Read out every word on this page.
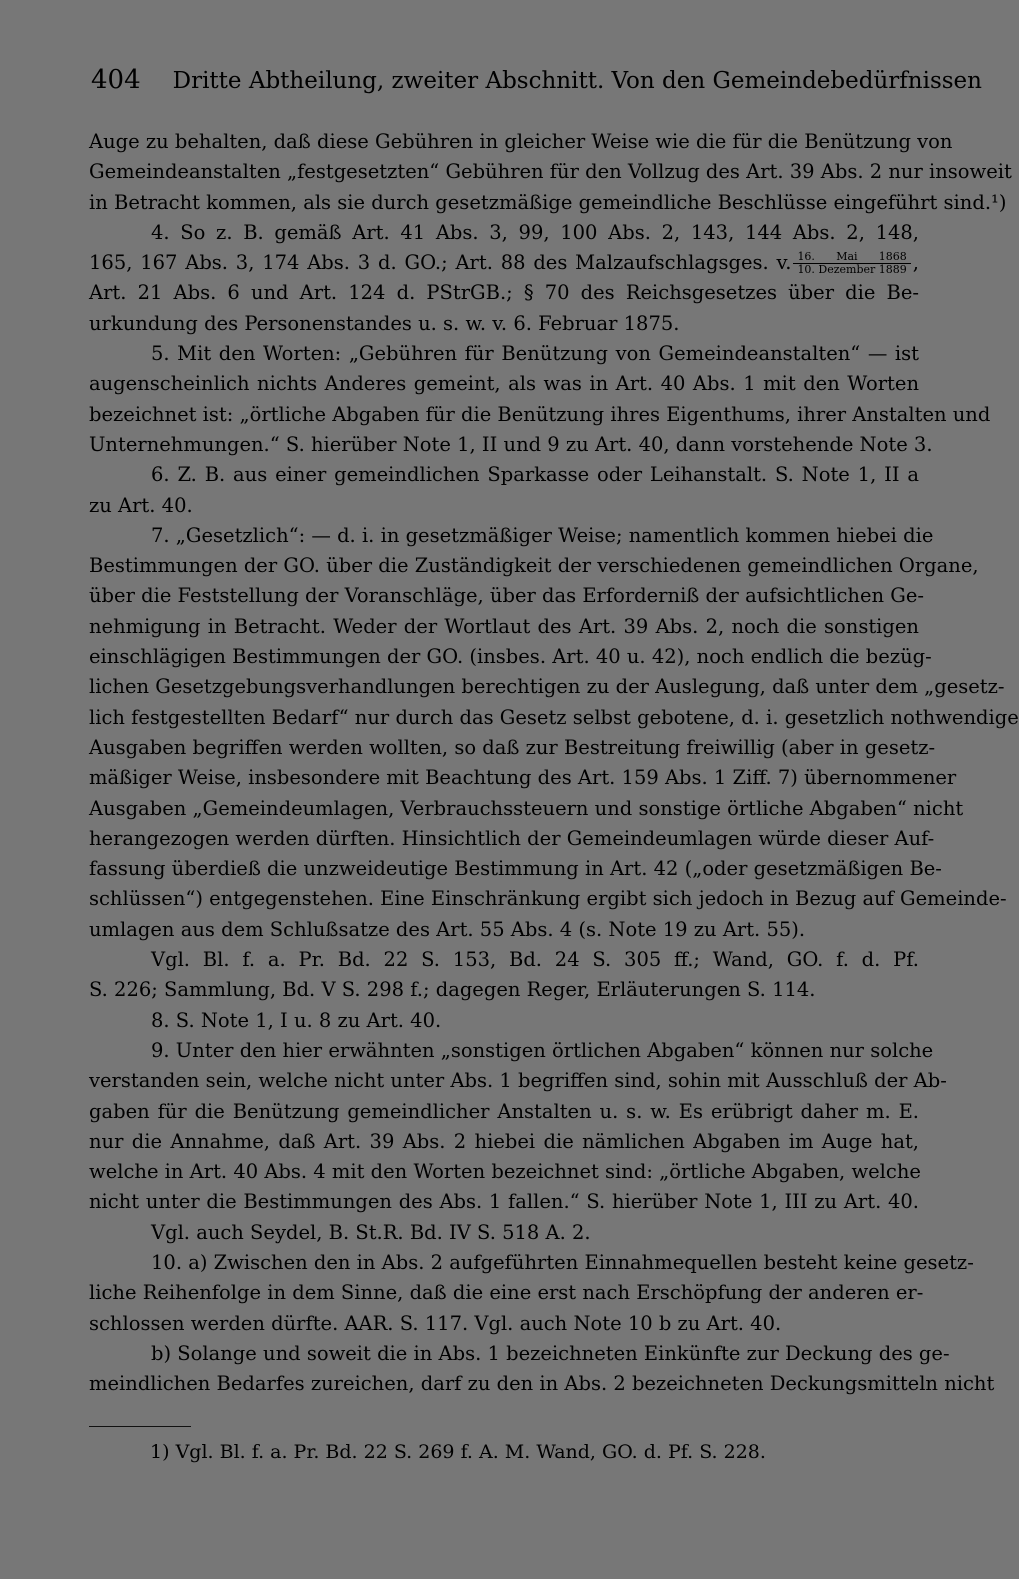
404 Dritte Abtheilung, zweiter Abschnitt. Von den Gemeindebedürfnissen
Auge zu behalten, daß diese Gebühren in gleicher Weise wie die für die Benützung von
Gemeindeanstalten „festgesetzten“ Gebühren für den Vollzug des Art. 39 Abs. 2 nur insoweit
in Betracht kommen, als sie durch gesetzmäßige gemeindliche Beschlüsse eingeführt sind.¹)
4. So z. B. gemäß Art. 41 Abs. 3, 99, 100 Abs. 2, 143, 144 Abs. 2, 148,
165, 167 Abs. 3, 174 Abs. 3 d. GO.; Art. 88 des Malzaufschlagsges. v. $\frac{\text{16. Mai 1868}}{\text{10. Dezember 1889}}$ ,
Art. 21 Abs. 6 und Art. 124 d. PStrGB.; § 70 des Reichsgesetzes über die Be-
urkundung des Personenstandes u. s. w. v. 6. Februar 1875.
5. Mit den Worten: „Gebühren für Benützung von Gemeindeanstalten“ — ist
augenscheinlich nichts Anderes gemeint, als was in Art. 40 Abs. 1 mit den Worten
bezeichnet ist: „örtliche Abgaben für die Benützung ihres Eigenthums, ihrer Anstalten und
Unternehmungen.“ S. hierüber Note 1, II und 9 zu Art. 40, dann vorstehende Note 3.
6. Z. B. aus einer gemeindlichen Sparkasse oder Leihanstalt. S. Note 1, II a
zu Art. 40.
7. „Gesetzlich“: — d. i. in gesetzmäßiger Weise; namentlich kommen hiebei die
Bestimmungen der GO. über die Zuständigkeit der verschiedenen gemeindlichen Organe,
über die Feststellung der Voranschläge, über das Erforderniß der aufsichtlichen Ge-
nehmigung in Betracht. Weder der Wortlaut des Art. 39 Abs. 2, noch die sonstigen
einschlägigen Bestimmungen der GO. (insbes. Art. 40 u. 42), noch endlich die bezüg-
lichen Gesetzgebungsverhandlungen berechtigen zu der Auslegung, daß unter dem „gesetz-
lich festgestellten Bedarf“ nur durch das Gesetz selbst gebotene, d. i. gesetzlich nothwendige
Ausgaben begriffen werden wollten, so daß zur Bestreitung freiwillig (aber in gesetz-
mäßiger Weise, insbesondere mit Beachtung des Art. 159 Abs. 1 Ziff. 7) übernommener
Ausgaben „Gemeindeumlagen, Verbrauchssteuern und sonstige örtliche Abgaben“ nicht
herangezogen werden dürften. Hinsichtlich der Gemeindeumlagen würde dieser Auf-
fassung überdieß die unzweideutige Bestimmung in Art. 42 („oder gesetzmäßigen Be-
schlüssen“) entgegenstehen. Eine Einschränkung ergibt sich jedoch in Bezug auf Gemeinde-
umlagen aus dem Schlußsatze des Art. 55 Abs. 4 (s. Note 19 zu Art. 55).
Vgl. Bl. f. a. Pr. Bd. 22 S. 153, Bd. 24 S. 305 ff.; Wand, GO. f. d. Pf.
S. 226; Sammlung, Bd. V S. 298 f.; dagegen Reger, Erläuterungen S. 114.
8. S. Note 1, I u. 8 zu Art. 40.
9. Unter den hier erwähnten „sonstigen örtlichen Abgaben“ können nur solche
verstanden sein, welche nicht unter Abs. 1 begriffen sind, sohin mit Ausschluß der Ab-
gaben für die Benützung gemeindlicher Anstalten u. s. w. Es erübrigt daher m. E.
nur die Annahme, daß Art. 39 Abs. 2 hiebei die nämlichen Abgaben im Auge hat,
welche in Art. 40 Abs. 4 mit den Worten bezeichnet sind: „örtliche Abgaben, welche
nicht unter die Bestimmungen des Abs. 1 fallen.“ S. hierüber Note 1, III zu Art. 40.
Vgl. auch Seydel, B. St.R. Bd. IV S. 518 A. 2.
10. a) Zwischen den in Abs. 2 aufgeführten Einnahmequellen besteht keine gesetz-
liche Reihenfolge in dem Sinne, daß die eine erst nach Erschöpfung der anderen er-
schlossen werden dürfte. AAR. S. 117. Vgl. auch Note 10 b zu Art. 40.
b) Solange und soweit die in Abs. 1 bezeichneten Einkünfte zur Deckung des ge-
meindlichen Bedarfes zureichen, darf zu den in Abs. 2 bezeichneten Deckungsmitteln nicht
1) Vgl. Bl. f. a. Pr. Bd. 22 S. 269 f. A. M. Wand, GO. d. Pf. S. 228.
